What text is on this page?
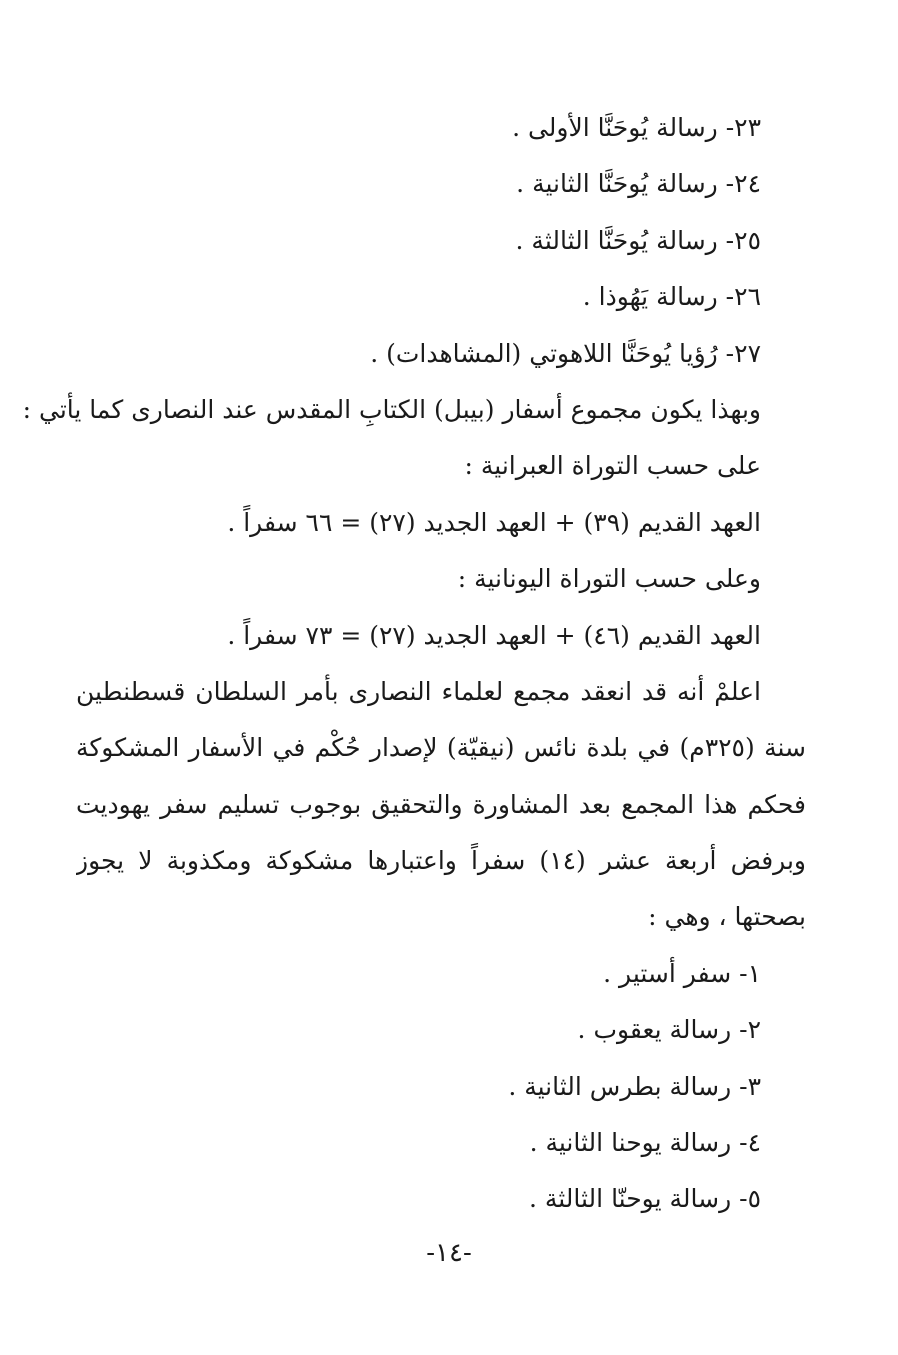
٢٣- رسالة يُوحَنَّا الأولى .
٢٤- رسالة يُوحَنَّا الثانية .
٢٥- رسالة يُوحَنَّا الثالثة .
٢٦- رسالة يَهُوذا .
٢٧- رُؤيا يُوحَنَّا اللاهوتي (المشاهدات) .
وبهذا يكون مجموع أسفار (بيبل) الكتابِ المقدس عند النصارى كما يأتي :
على حسب التوراة العبرانية :
العهد القديم (٣٩) + العهد الجديد (٢٧) = ٦٦ سفراً .
وعلى حسب التوراة اليونانية :
العهد القديم (٤٦) + العهد الجديد (٢٧) = ٧٣ سفراً .
اعلمْ أنه قد انعقد مجمع لعلماء النصارى بأمر السلطان قسطنطين
سنة (٣٢٥م) في بلدة نائس (نيقيّة) لإصدار حُكْم في الأسفار المشكوكة
فحكم هذا المجمع بعد المشاورة والتحقيق بوجوب تسليم سفر يهوديت
وبرفض أربعة عشر (١٤) سفراً واعتبارها مشكوكة ومكذوبة لا يجوز
بصحتها ، وهي :
١- سفر أستير .
٢- رسالة يعقوب .
٣- رسالة بطرس الثانية .
٤- رسالة يوحنا الثانية .
٥- رسالة يوحنّا الثالثة .
-١٤-
